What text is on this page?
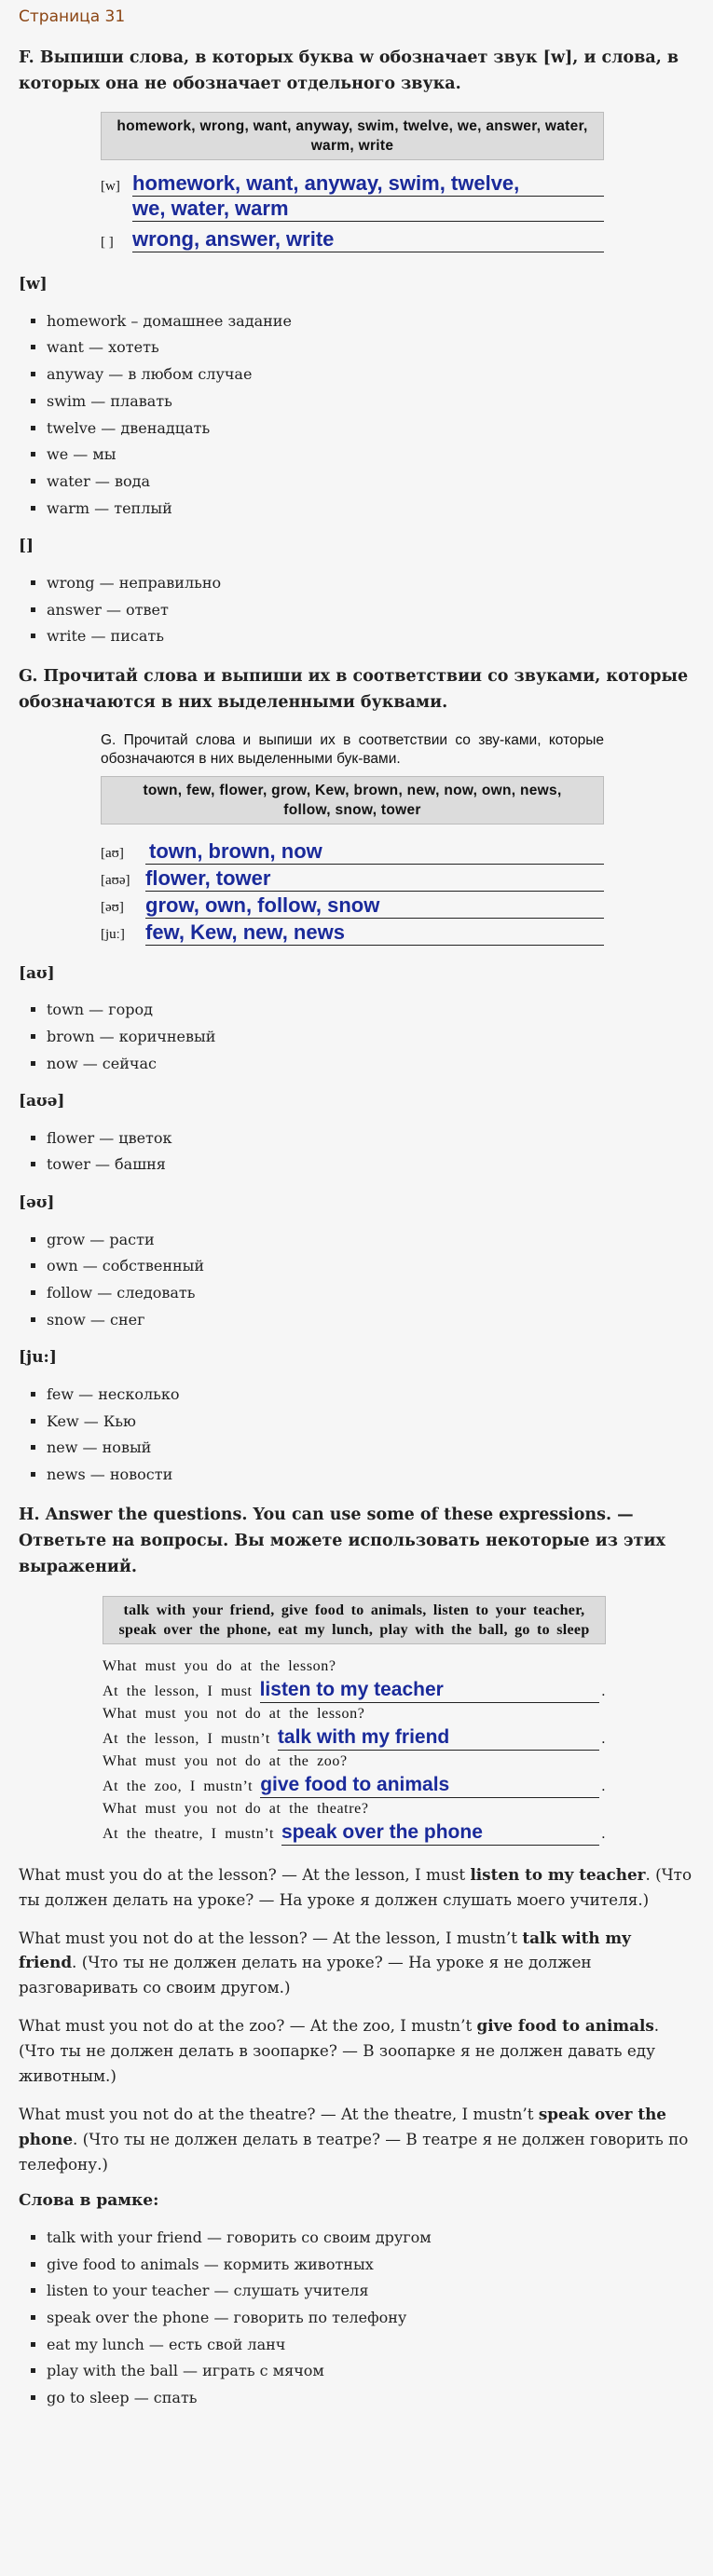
Страница 31
F. Выпиши слова, в которых буква w обозначает звук [w], и слова, в которых она не обозначает отдельного звука.
homework, wrong, want, anyway, swim, twelve, we, answer, water, warm, write
[w] homework, want, anyway, swim, twelve,
we, water, warm
[ ] wrong, answer, write
[w]
▪ homework – домашнее задание
▪ want — хотеть
▪ anyway — в любом случае
▪ swim — плавать
▪ twelve — двенадцать
▪ we — мы
▪ water — вода
▪ warm — теплый
[]
▪ wrong — неправильно
▪ answer — ответ
▪ write — писать
G. Прочитай слова и выпиши их в соответствии со звуками, которые обозначаются в них выделенными буквами.
G. Прочитай слова и выпиши их в соответствии со зву-ками, которые обозначаются в них выделенными бук-вами.
town, few, flower, grow, Kew, brown, new, now, own, news, follow, snow, tower
[aʊ]	town, brown, now
[aʊə] flower, tower
[əʊ]	grow, own, follow, snow
[juː]	few, Kew, new, news
[aʊ]
▪ town — город
▪ brown — коричневый
▪ now — сейчас
[aʊə]
▪ flower — цветок
▪ tower — башня
[əʊ]
▪ grow — расти
▪ own — собственный
▪ follow — следовать
▪ snow — снег
[ju:]
▪ few — несколько
▪ Kew — Кью
▪ new — новый
▪ news — новости
H. Answer the questions. You can use some of these expressions. — Ответьте на вопросы. Вы можете использовать некоторые из этих выражений.
talk with your friend, give food to animals, listen to your teacher, speak over the phone, eat my lunch, play with the ball, go to sleep
What must you do at the lesson?
At the lesson, I must listen to my teacher	.
What must you not do at the lesson?
At the lesson, I mustn’t talk with my friend	.
What must you not do at the zoo?
At the zoo, I mustn’t give food to animals	.
What must you not do at the theatre?
At the theatre, I mustn’t speak over the phone	.

What must you do at the lesson? — At the lesson, I must listen to my teacher. (Что ты должен делать на уроке? — На уроке я должен слушать моего учителя.)

What must you not do at the lesson? — At the lesson, I mustn’t talk with my friend. (Что ты не должен делать на уроке? — На уроке я не должен разговаривать со своим другом.)

What must you not do at the zoo? — At the zoo, I mustn’t give food to animals. (Что ты не должен делать в зоопарке? — В зоопарке я не должен давать еду животным.)

What must you not do at the theatre? — At the theatre, I mustn’t speak over the phone. (Что ты не должен делать в театре? — В театре я не должен говорить по телефону.)

Слова в рамке:
▪ talk with your friend — говорить со своим другом
▪ give food to animals — кормить животных
▪ listen to your teacher — слушать учителя
▪ speak over the phone — говорить по телефону
▪ eat my lunch — есть свой ланч
▪ play with the ball — играть с мячом
▪ go to sleep — спать
